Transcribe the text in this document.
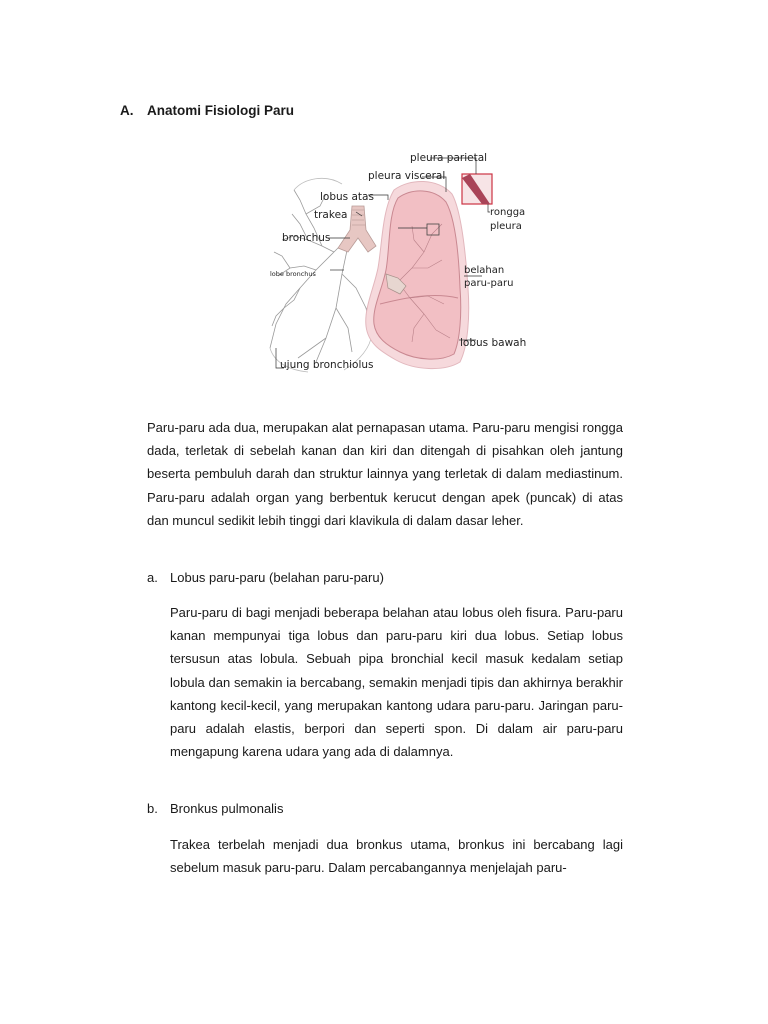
A. Anatomi Fisiologi Paru
pleura parietal
pleura visceral
lobus atas
trakea
bronchus
lobe bronchus
rongga
pleura
belahan
paru-paru
lobus bawah
ujung bronchiolus

Paru-paru ada dua, merupakan alat pernapasan utama. Paru-paru mengisi rongga dada, terletak di sebelah kanan dan kiri dan ditengah di pisahkan oleh jantung beserta pembuluh darah dan struktur lainnya yang terletak di dalam mediastinum. Paru-paru adalah organ yang berbentuk kerucut dengan apek (puncak) di atas dan muncul sedikit lebih tinggi dari klavikula di dalam dasar leher.

a. Lobus paru-paru (belahan paru-paru)

Paru-paru di bagi menjadi beberapa belahan atau lobus oleh fisura. Paru-paru kanan mempunyai tiga lobus dan paru-paru kiri dua lobus. Setiap lobus tersusun atas lobula. Sebuah pipa bronchial kecil masuk kedalam setiap lobula dan semakin ia bercabang, semakin menjadi tipis dan akhirnya berakhir kantong kecil-kecil, yang merupakan kantong udara paru-paru. Jaringan paru-paru adalah elastis, berpori dan seperti spon. Di dalam air paru-paru mengapung karena udara yang ada di dalamnya.

b. Bronkus pulmonalis

Trakea terbelah menjadi dua bronkus utama, bronkus ini bercabang lagi sebelum masuk paru-paru. Dalam percabangannya menjelajah paru-
